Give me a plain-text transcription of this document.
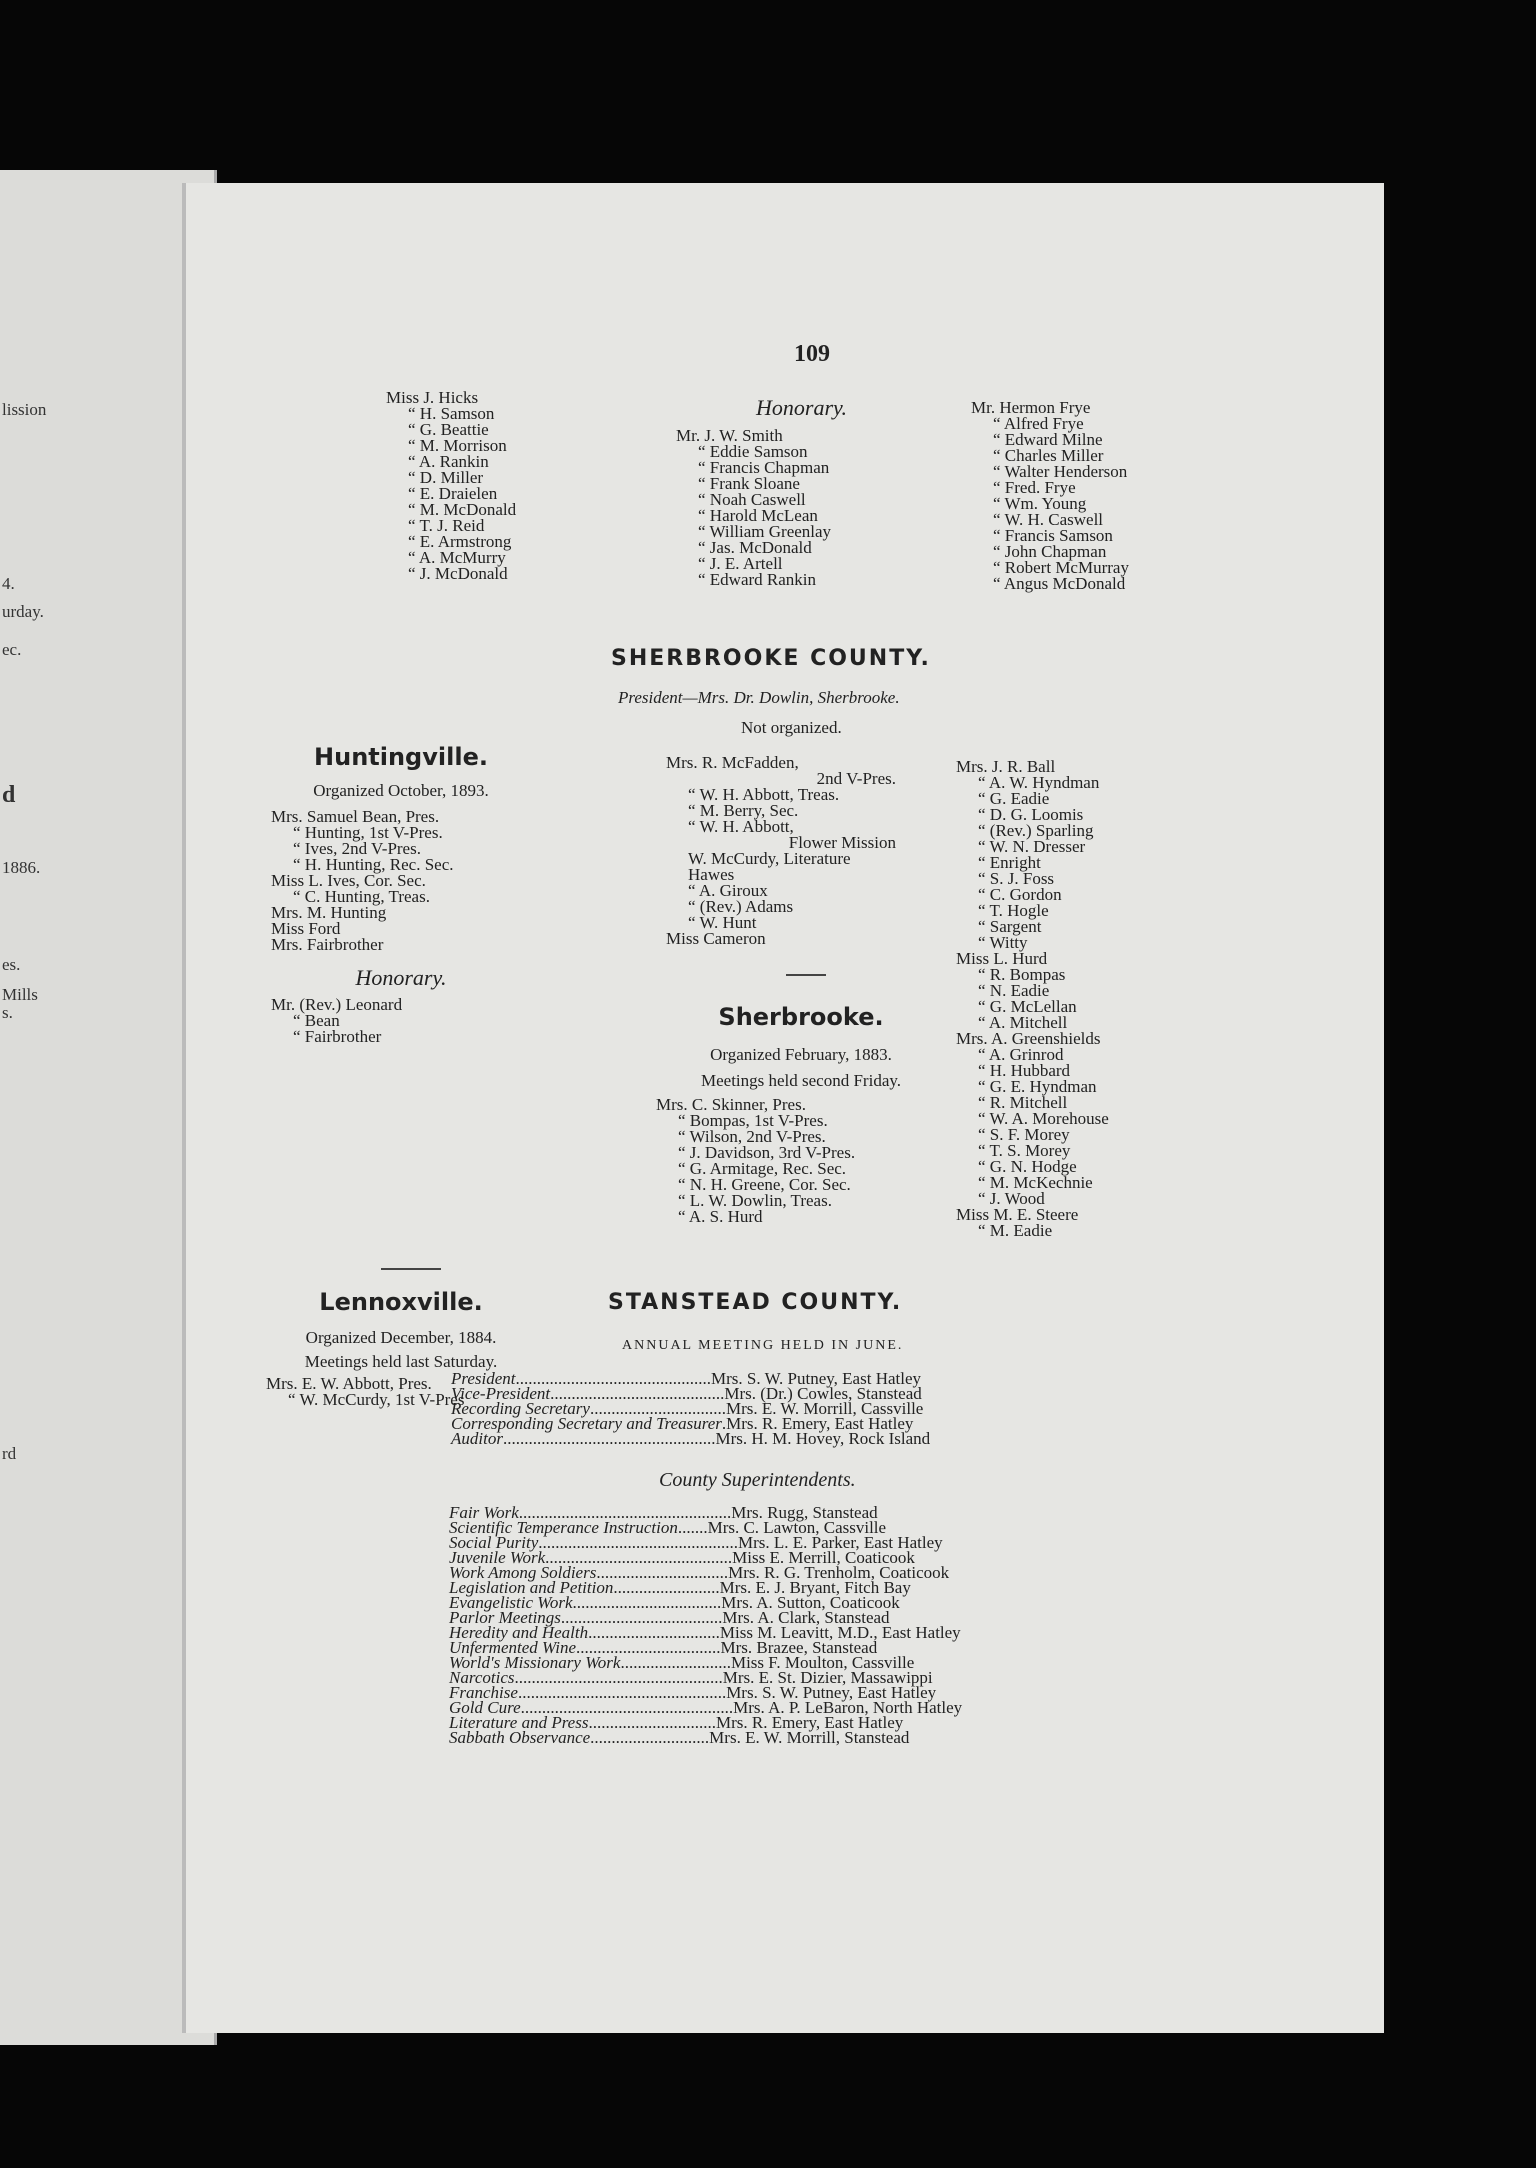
lission
4.
urday.
ec.
d
1886.
es.
Mills
s.
rd
109
Miss J. Hicks
“ H. Samson
“ G. Beattie
“ M. Morrison
“ A. Rankin
“ D. Miller
“ E. Draielen
“ M. McDonald
“ T. J. Reid
“ E. Armstrong
“ A. McMurry
“ J. McDonald
Honorary.
Mr. J. W. Smith
“ Eddie Samson
“ Francis Chapman
“ Frank Sloane
“ Noah Caswell
“ Harold McLean
“ William Greenlay
“ Jas. McDonald
“ J. E. Artell
“ Edward Rankin
Mr. Hermon Frye
“ Alfred Frye
“ Edward Milne
“ Charles Miller
“ Walter Henderson
“ Fred. Frye
“ Wm. Young
“ W. H. Caswell
“ Francis Samson
“ John Chapman
“ Robert McMurray
“ Angus McDonald
SHERBROOKE COUNTY.
President—Mrs. Dr. Dowlin, Sherbrooke.
Not organized.
Huntingville.
Organized October, 1893.
Mrs. Samuel Bean, Pres.
“ Hunting, 1st V-Pres.
“ Ives, 2nd V-Pres.
“ H. Hunting, Rec. Sec.
Miss L. Ives, Cor. Sec.
“ C. Hunting, Treas.
Mrs. M. Hunting
Miss Ford
Mrs. Fairbrother
Honorary.
Mr. (Rev.) Leonard
“ Bean
“ Fairbrother
Lennoxville.
Organized December, 1884.
Meetings held last Saturday.
Mrs. E. W. Abbott, Pres.
“ W. McCurdy, 1st V-Pres
Mrs. R. McFadden,
2nd V-Pres.
“ W. H. Abbott, Treas.
“ M. Berry, Sec.
“ W. H. Abbott,
Flower Mission
W. McCurdy, Literature
Hawes
“ A. Giroux
“ (Rev.) Adams
“ W. Hunt
Miss Cameron
Sherbrooke.
Organized February, 1883.
Meetings held second Friday.
Mrs. C. Skinner, Pres.
“ Bompas, 1st V-Pres.
“ Wilson, 2nd V-Pres.
“ J. Davidson, 3rd V-Pres.
“ G. Armitage, Rec. Sec.
“ N. H. Greene, Cor. Sec.
“ L. W. Dowlin, Treas.
“ A. S. Hurd
Mrs. J. R. Ball
“ A. W. Hyndman
“ G. Eadie
“ D. G. Loomis
“ (Rev.) Sparling
“ W. N. Dresser
“ Enright
“ S. J. Foss
“ C. Gordon
“ T. Hogle
“ Sargent
“ Witty
Miss L. Hurd
“ R. Bompas
“ N. Eadie
“ G. McLellan
“ A. Mitchell
Mrs. A. Greenshields
“ A. Grinrod
“ H. Hubbard
“ G. E. Hyndman
“ R. Mitchell
“ W. A. Morehouse
“ S. F. Morey
“ T. S. Morey
“ G. N. Hodge
“ M. McKechnie
“ J. Wood
Miss M. E. Steere
“ M. Eadie
STANSTEAD COUNTY.
ANNUAL MEETING HELD IN JUNE.
President..............................................Mrs. S. W. Putney, East Hatley
Vice-President.........................................Mrs. (Dr.) Cowles, Stanstead
Recording Secretary................................Mrs. E. W. Morrill, Cassville
Corresponding Secretary and Treasurer.Mrs. R. Emery, East Hatley
Auditor..................................................Mrs. H. M. Hovey, Rock Island
County Superintendents.
Fair Work..................................................Mrs. Rugg, Stanstead
Scientific Temperance Instruction.......Mrs. C. Lawton, Cassville
Social Purity...............................................Mrs. L. E. Parker, East Hatley
Juvenile Work............................................Miss E. Merrill, Coaticook
Work Among Soldiers...............................Mrs. R. G. Trenholm, Coaticook
Legislation and Petition.........................Mrs. E. J. Bryant, Fitch Bay
Evangelistic Work...................................Mrs. A. Sutton, Coaticook
Parlor Meetings......................................Mrs. A. Clark, Stanstead
Heredity and Health...............................Miss M. Leavitt, M.D., East Hatley
Unfermented Wine..................................Mrs. Brazee, Stanstead
World's Missionary Work..........................Miss F. Moulton, Cassville
Narcotics.................................................Mrs. E. St. Dizier, Massawippi
Franchise.................................................Mrs. S. W. Putney, East Hatley
Gold Cure..................................................Mrs. A. P. LeBaron, North Hatley
Literature and Press..............................Mrs. R. Emery, East Hatley
Sabbath Observance............................Mrs. E. W. Morrill, Stanstead
